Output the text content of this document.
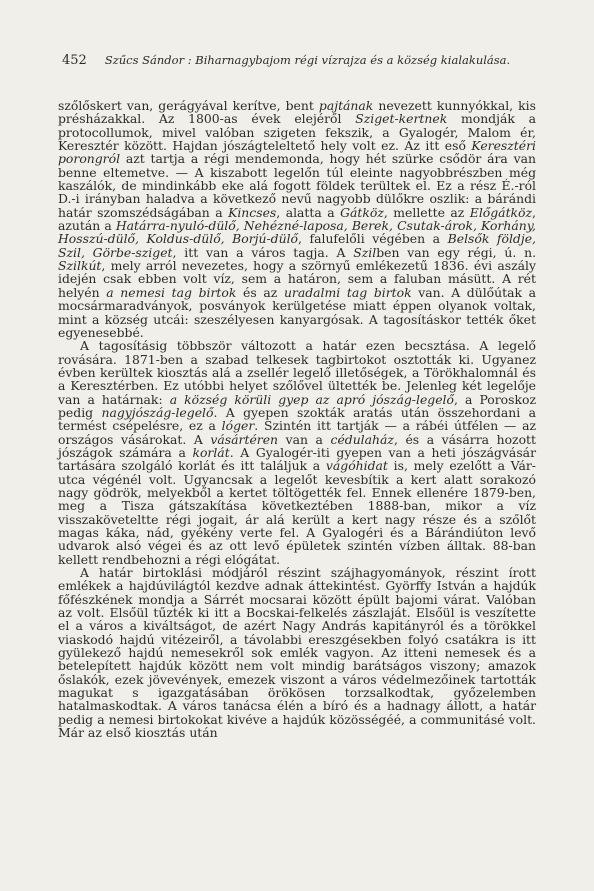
452 Szűcs Sándor : Biharnagybajom régi vízrajza és a község kialakulása.

szőlőskert van, gerágyával kerítve, bent pajtának nevezett kunnyókkal, kis présházakkal. Az 1800-as évek elejéről Sziget-kertnek mondják a protocollumok, mivel valóban szigeten fekszik, a Gyalogér, Malom ér, Keresztér között. Hajdan jószágteleltető hely volt ez. Az itt eső Keresztéri porongról azt tartja a régi mendemonda, hogy hét szürke csődör ára van benne eltemetve. — A kiszabott legelőn túl eleinte nagyobbrészben még kaszálók, de mindinkább eke alá fogott földek terültek el. Ez a rész É.-ról D.-i irányban haladva a következő nevű nagyobb dülőkre oszlik: a bárándi határ szomszédságában a Kincses, alatta a Gátköz, mellette az Előgátköz, azután a Határra-nyuló-dülő, Nehézné-laposa, Berek, Csutak-árok, Korhány, Hosszú-dülő, Koldus-dülő, Borjú-dülő, falufelőli végében a Belsők földje, Szil, Görbe-sziget, itt van a város tagja. A Szilben van egy régi, ú. n. Szilkút, mely arról nevezetes, hogy a szörnyű emlékezetű 1836. évi aszály idején csak ebben volt víz, sem a határon, sem a faluban másütt. A rét helyén a nemesi tag birtok és az uradalmi tag birtok van. A dülőútak a mocsármaradványok, posványok kerülgetése miatt éppen olyanok voltak, mint a község utcái: szeszélyesen kanyargósak. A tagosításkor tették őket egyenesebbé.

A tagosításig többször változott a határ ezen becsztása. A legelő rovására. 1871-ben a szabad telkesek tagbirtokot osztották ki. Ugyanez évben kerültek kiosztás alá a zsellér legelő illetőségek, a Törökhalomnál és a Keresztérben. Ez utóbbi helyet szőlővel ültették be. Jelenleg két legelője van a határnak: a község körüli gyep az apró jószág-legelő, a Poroskoz pedig nagyjószág-legelő. A gyepen szokták aratás után összehordani a termést csépelésre, ez a lóger. Szintén itt tartják — a rábéi útfélen — az országos vásárokat. A vásártéren van a cédulaház, és a vásárra hozott jószágok számára a korlát. A Gyalogér-iti gyepen van a heti jószágvásár tartására szolgáló korlát és itt találjuk a vágóhidat is, mely ezelőtt a Vár-utca végénél volt. Ugyancsak a legelőt kevesbítik a kert alatt sorakozó nagy gödrök, melyekből a kertet töltögették fel. Ennek ellenére 1879-ben, meg a Tisza gátszakítása következtében 1888-ban, mikor a víz visszaköveteltte régi jogait, ár alá került a kert nagy része és a szőlőt magas káka, nád, gyékény verte fel. A Gyalogéri és a Bárándiúton levő udvarok alsó végei és az ott levő épületek szintén vízben álltak. 88-ban kellett rendbehozni a régi elógátat.

A határ birtoklási módjáról részint szájhagyományok, részint írott emlékek a hajdúvilágtól kezdve adnak áttekintést. Györffy István a hajdúk főfészkének mondja a Sárrét mocsarai között épült bajomi várat. Valóban az volt. Elsőül tűzték ki itt a Bocskai-felkelés zászlaját. Elsőül is veszítette el a város a kiváltságot, de azért Nagy András kapitányról és a törökkel viaskodó hajdú vitézeiről, a távolabbi ereszgésekben folyó csatákra is itt gyülekező hajdú nemesekről sok emlék vagyon. Az itteni nemesek és a betelepített hajdúk között nem volt mindig barátságos viszony; amazok őslakók, ezek jövevények, emezek viszont a város védelmezőinek tartották magukat s igazgatásában örökösen torzsalkodtak, győzelemben hatalmaskodtak. A város tanácsa élén a bíró és a hadnagy állott, a határ pedig a nemesi birtokokat kivéve a hajdúk közösségéé, a communitásé volt. Már az első kiosztás után
